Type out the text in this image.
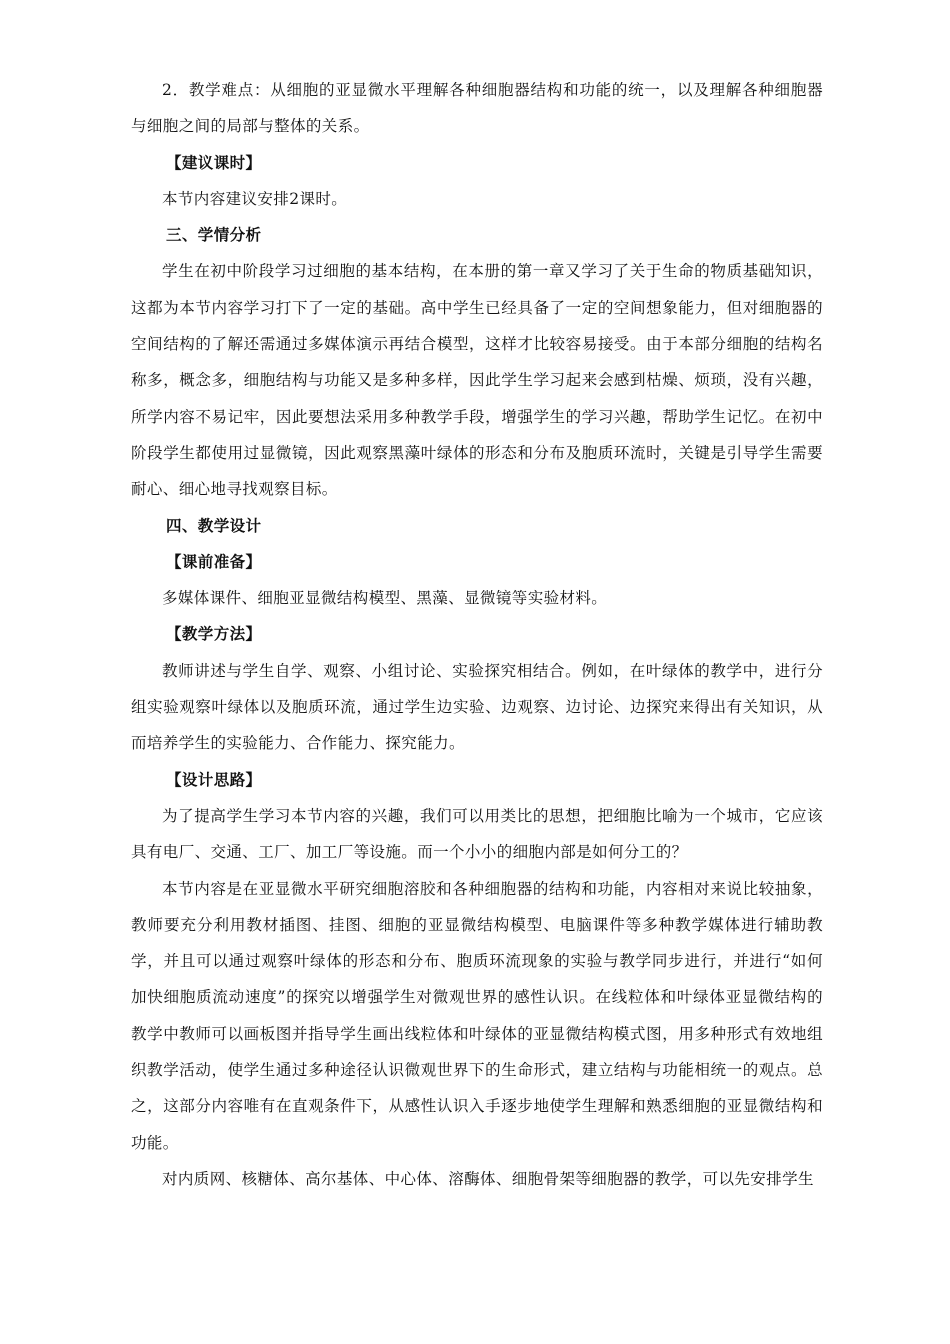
2．教学难点：从细胞的亚显微水平理解各种细胞器结构和功能的统一，以及理解各种细胞器与细胞之间的局部与整体的关系。

【建议课时】

本节内容建议安排2课时。

三、学情分析

学生在初中阶段学习过细胞的基本结构，在本册的第一章又学习了关于生命的物质基础知识，这都为本节内容学习打下了一定的基础。高中学生已经具备了一定的空间想象能力，但对细胞器的空间结构的了解还需通过多媒体演示再结合模型，这样才比较容易接受。由于本部分细胞的结构名称多，概念多，细胞结构与功能又是多种多样，因此学生学习起来会感到枯燥、烦琐，没有兴趣，所学内容不易记牢，因此要想法采用多种教学手段，增强学生的学习兴趣，帮助学生记忆。在初中阶段学生都使用过显微镜，因此观察黑藻叶绿体的形态和分布及胞质环流时，关键是引导学生需要耐心、细心地寻找观察目标。

四、教学设计

【课前准备】

多媒体课件、细胞亚显微结构模型、黑藻、显微镜等实验材料。

【教学方法】

教师讲述与学生自学、观察、小组讨论、实验探究相结合。例如，在叶绿体的教学中，进行分组实验观察叶绿体以及胞质环流，通过学生边实验、边观察、边讨论、边探究来得出有关知识，从而培养学生的实验能力、合作能力、探究能力。

【设计思路】

为了提高学生学习本节内容的兴趣，我们可以用类比的思想，把细胞比喻为一个城市，它应该具有电厂、交通、工厂、加工厂等设施。而一个小小的细胞内部是如何分工的？

本节内容是在亚显微水平研究细胞溶胶和各种细胞器的结构和功能，内容相对来说比较抽象，教师要充分利用教材插图、挂图、细胞的亚显微结构模型、电脑课件等多种教学媒体进行辅助教学，并且可以通过观察叶绿体的形态和分布、胞质环流现象的实验与教学同步进行，并进行“如何加快细胞质流动速度”的探究以增强学生对微观世界的感性认识。在线粒体和叶绿体亚显微结构的教学中教师可以画板图并指导学生画出线粒体和叶绿体的亚显微结构模式图，用多种形式有效地组织教学活动，使学生通过多种途径认识微观世界下的生命形式，建立结构与功能相统一的观点。总之，这部分内容唯有在直观条件下，从感性认识入手逐步地使学生理解和熟悉细胞的亚显微结构和功能。

对内质网、核糖体、高尔基体、中心体、溶酶体、细胞骨架等细胞器的教学，可以先安排学生
